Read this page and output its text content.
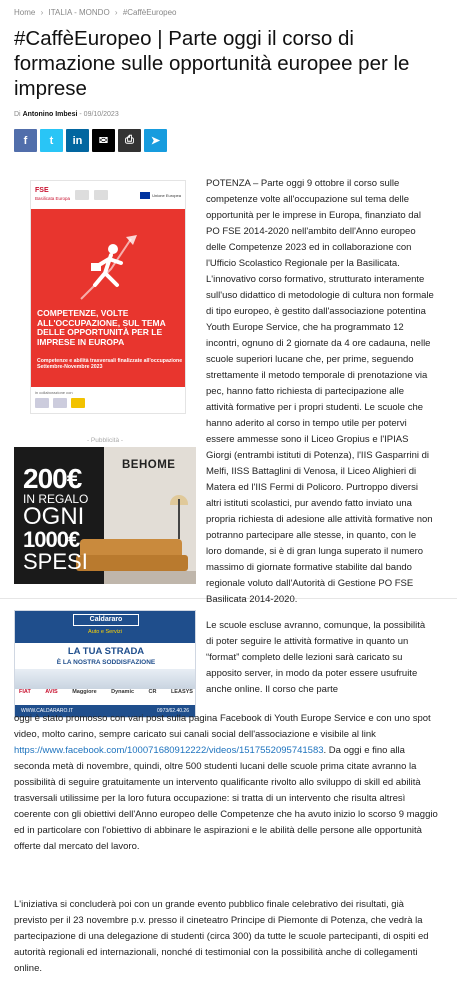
Home › ITALIA - MONDO › #CaffèEuropeo
#CaffèEuropeo | Parte oggi il corso di formazione sulle opportunità europee per le imprese
Di Antonino Imbesi - 09/10/2023
f t in ✉ ⎙ ➤
FSE
Basilicata Europa
Unione Europea
COMPETENZE, VOLTE ALL'OCCUPAZIONE, SUL TEMA DELLE OPPORTUNITÀ PER LE IMPRESE IN EUROPA
Competenze e abilità trasversali finalizzate all'occupazione Settembre-Novembre 2023
in collaborazione con
- Pubblicità -
BEHOME
200€
IN REGALO
OGNI
1000€
SPESI
Caldararo
Auto e Servizi
LA TUA STRADA
È LA NOSTRA SODDISFAZIONE
FIAT	AVIS	Maggiore	Dynamic	CR	LEASYS
WWW.CALDARARO.IT	0973/62.40.26

POTENZA – Parte oggi 9 ottobre il corso sulle competenze volte all'occupazione sul tema delle opportunità per le imprese in Europa, finanziato dal PO FSE 2014-2020 nell'ambito dell'Anno europeo delle Competenze 2023 ed in collaborazione con l'Ufficio Scolastico Regionale per la Basilicata. L'innovativo corso formativo, strutturato interamente sull'uso didattico di metodologie di cultura non formale di tipo europeo, è gestito dall'associazione potentina Youth Europe Service, che ha programmato 12 incontri, ognuno di 2 giornate da 4 ore cadauna, nelle scuole superiori lucane che, per prime, seguendo strettamente il metodo temporale di prenotazione via pec, hanno fatto richiesta di partecipazione alle attività formative per i propri studenti. Le scuole che hanno aderito al corso in tempo utile per potervi essere ammesse sono il Liceo Gropius e l'IPIAS Giorgi (entrambi istituti di Potenza), l'IIS Gasparrini di Melfi, IISS Battaglini di Venosa, il Liceo Alighieri di Matera ed l'IIS Fermi di Policoro. Purtroppo diversi altri istituti scolastici, pur avendo fatto inviato una propria richiesta di adesione alle attività formative non potranno partecipare alle stesse, in quanto, con le loro domande, si è di gran lunga superato il numero massimo di giornate formative stabilite dal bando regionale voluto dall'Autorità di Gestione PO FSE Basilicata 2014-2020.

Le scuole escluse avranno, comunque, la possibilità di poter seguire le attività formative in quanto un “format” completo delle lezioni sarà caricato su apposito server, in modo da poter essere usufruite anche online. Il corso che parte

oggi è stato promosso con vari post sulla pagina Facebook di Youth Europe Service e con uno spot video, molto carino, sempre caricato sui canali social dell'associazione e visibile al link https://www.facebook.com/100071680912222/videos/1517552095741583. Da oggi e fino alla seconda metà di novembre, quindi, oltre 500 studenti lucani delle scuole prima citate avranno la possibilità di seguire gratuitamente un intervento qualificante rivolto allo sviluppo di skill ed abilità trasversali utilissime per la loro futura occupazione: si tratta di un intervento che risulta altresì coerente con gli obiettivi dell'Anno europeo delle Competenze che ha avuto inizio lo scorso 9 maggio ed in particolare con l'obiettivo di abbinare le aspirazioni e le abilità delle persone alle opportunità offerte dal mercato del lavoro.

L'iniziativa si concluderà poi con un grande evento pubblico finale celebrativo dei risultati, già previsto per il 23 novembre p.v. presso il cineteatro Principe di Piemonte di Potenza, che vedrà la partecipazione di una delegazione di studenti (circa 300) da tutte le scuole partecipanti, di ospiti ed autorità regionali ed internazionali, nonché di testimonial con la possibilità anche di collegamenti online.
